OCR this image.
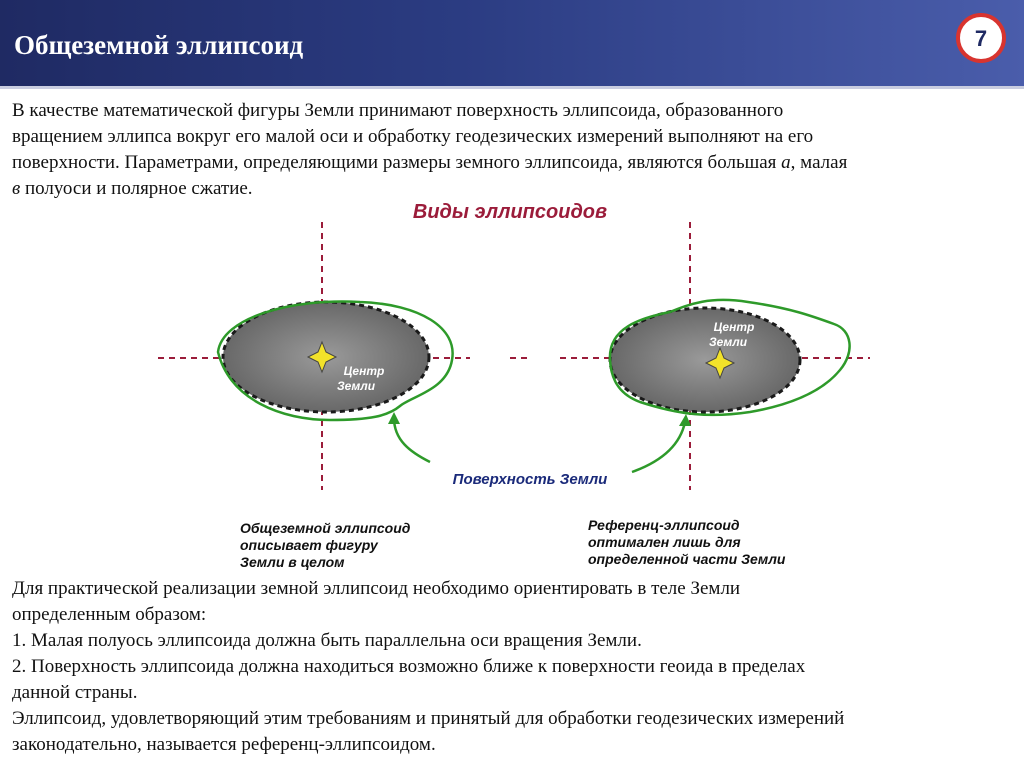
Общеземной эллипсоид	7

В качестве математической фигуры Земли принимают поверхность эллипсоида, образованного

вращением эллипса вокруг его малой оси и обработку геодезических измерений выполняют на его

поверхности. Параметрами, определяющими размеры земного эллипсоида, являются большая а, малая

в полуоси и полярное сжатие.

Виды эллипсоидов
Центр
Земли
Центр
Земли
Поверхность Земли
Общеземной эллипсоид
описывает фигуру
Земли в целом
Референц-эллипсоид
оптимален лишь для
определенной части Земли

Для практической реализации земной эллипсоид необходимо ориентировать в теле Земли

определенным образом:

1. Малая полуось эллипсоида должна быть параллельна оси вращения Земли.

2. Поверхность эллипсоида должна находиться возможно ближе к поверхности геоида в пределах

данной страны.

Эллипсоид, удовлетворяющий этим требованиям и принятый для обработки геодезических измерений

законодательно, называется референц-эллипсоидом.
